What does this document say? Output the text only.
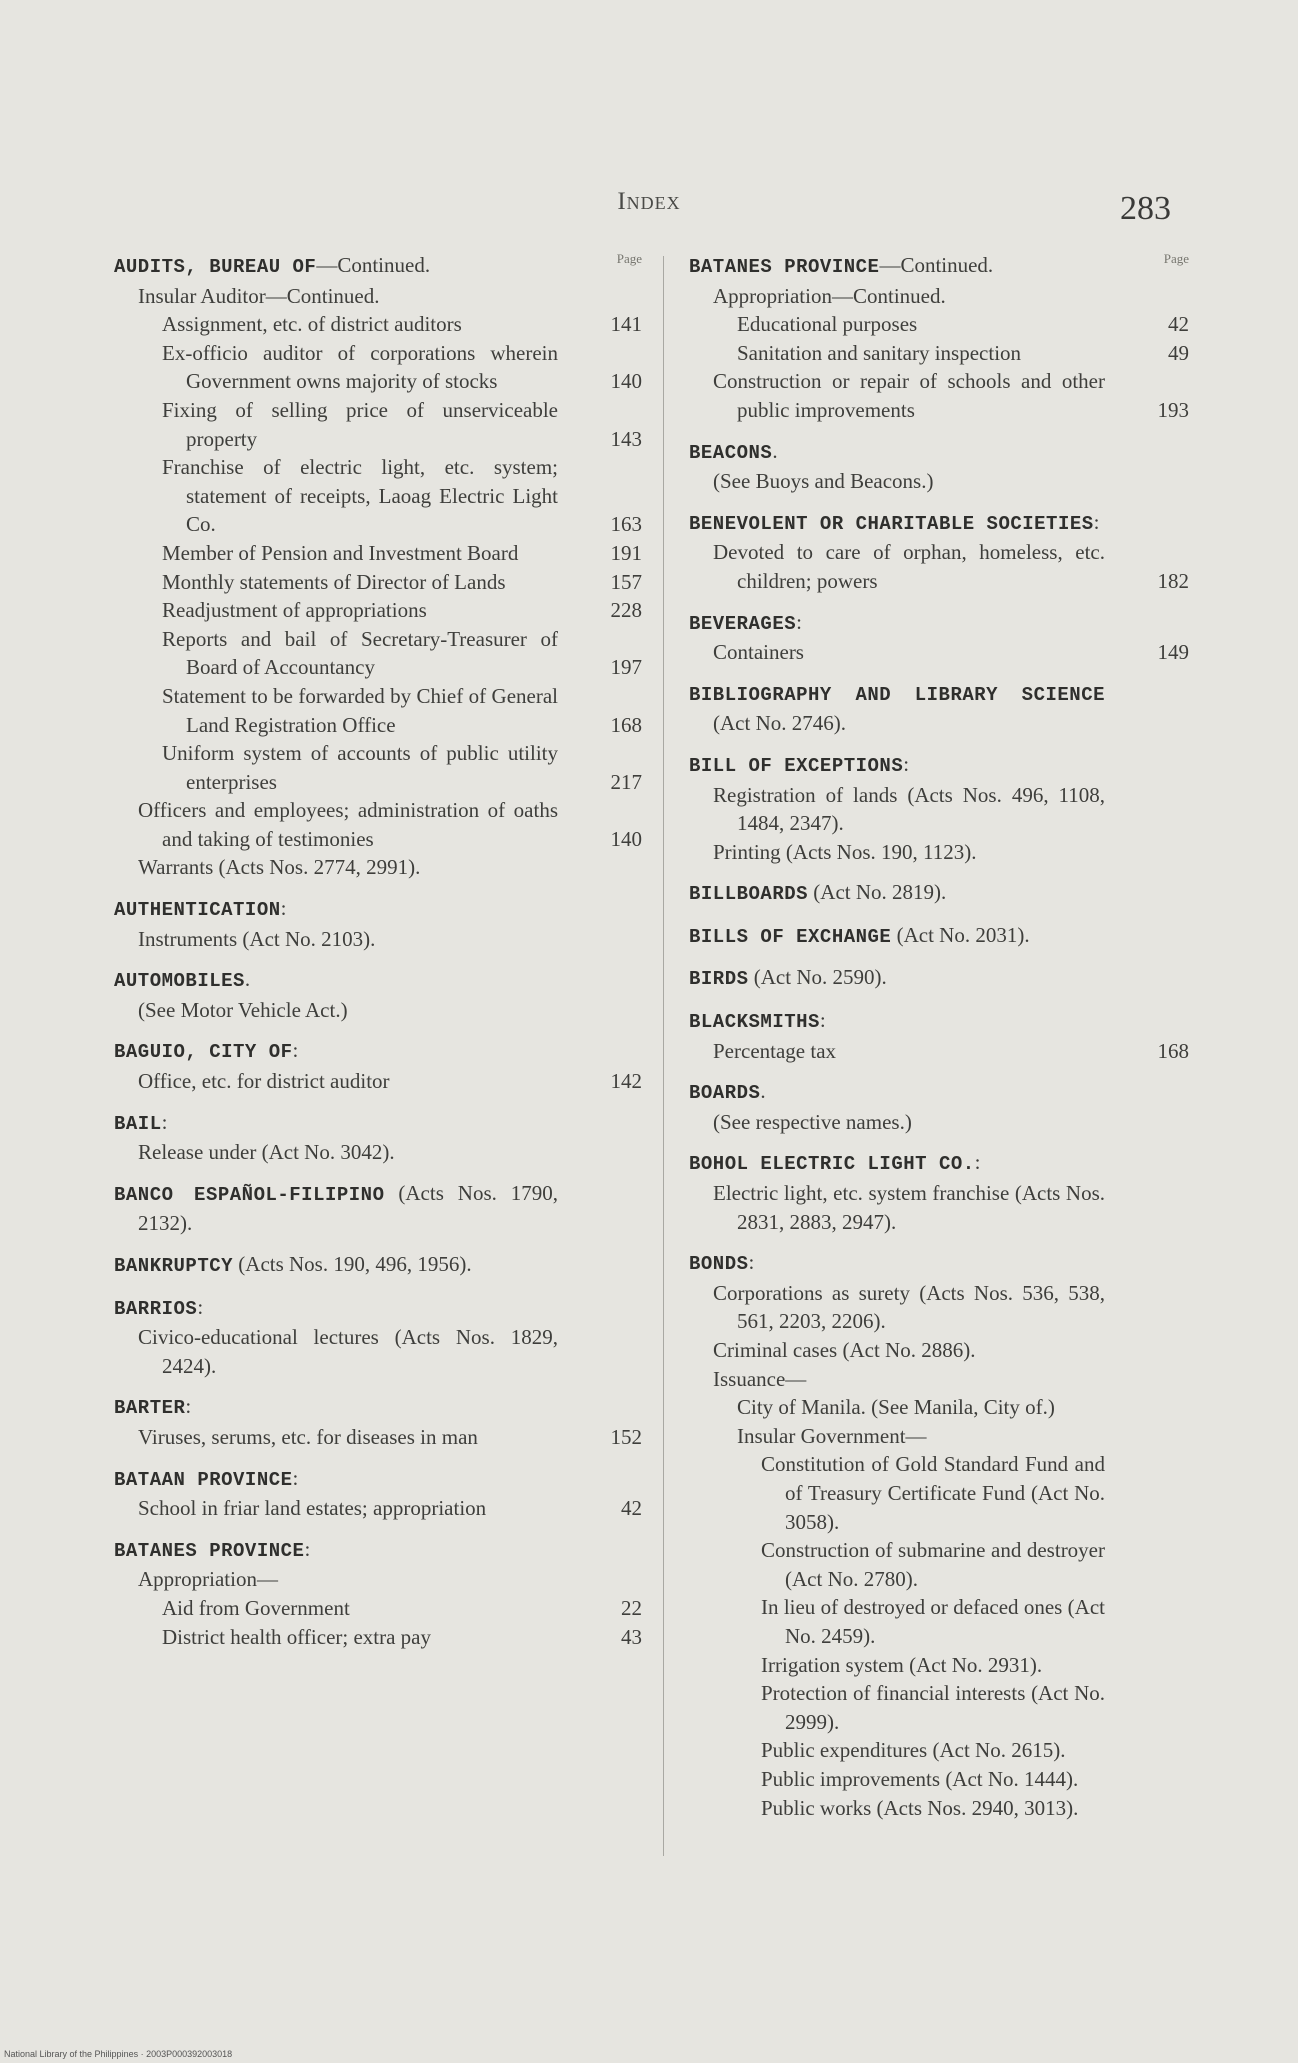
Index	283
Page
AUDITS, BUREAU OF—Continued.
Insular Auditor—Continued.
Assignment, etc. of district auditors	141
Ex-officio auditor of corporations wherein Government owns majority of stocks	140
Fixing of selling price of unserviceable property	143
Franchise of electric light, etc. system; statement of receipts, Laoag Electric Light Co.	163
Member of Pension and Investment Board	191
Monthly statements of Director of Lands	157
Readjustment of appropriations	228
Reports and bail of Secretary-Treasurer of Board of Accountancy	197
Statement to be forwarded by Chief of General Land Registration Office	168
Uniform system of accounts of public utility enterprises	217
Officers and employees; administration of oaths and taking of testimonies	140
Warrants (Acts Nos. 2774, 2991).
AUTHENTICATION:
Instruments (Act No. 2103).
AUTOMOBILES.
(See Motor Vehicle Act.)
BAGUIO, CITY OF:
Office, etc. for district auditor	142
BAIL:
Release under (Act No. 3042).
BANCO ESPAÑOL-FILIPINO (Acts Nos. 1790, 2132).
BANKRUPTCY (Acts Nos. 190, 496, 1956).
BARRIOS:
Civico-educational lectures (Acts Nos. 1829, 2424).
BARTER:
Viruses, serums, etc. for diseases in man	152
BATAAN PROVINCE:
School in friar land estates; appropriation	42
BATANES PROVINCE:
Appropriation—
Aid from Government	22
District health officer; extra pay	43
Page
BATANES PROVINCE—Continued.
Appropriation—Continued.
Educational purposes	42
Sanitation and sanitary inspection	49
Construction or repair of schools and other public improvements	193
BEACONS.
(See Buoys and Beacons.)
BENEVOLENT OR CHARITABLE SOCIETIES:
Devoted to care of orphan, homeless, etc. children; powers	182
BEVERAGES:
Containers	149
BIBLIOGRAPHY AND LIBRARY SCIENCE (Act No. 2746).
BILL OF EXCEPTIONS:
Registration of lands (Acts Nos. 496, 1108, 1484, 2347).
Printing (Acts Nos. 190, 1123).
BILLBOARDS (Act No. 2819).
BILLS OF EXCHANGE (Act No. 2031).
BIRDS (Act No. 2590).
BLACKSMITHS:
Percentage tax	168
BOARDS.
(See respective names.)
BOHOL ELECTRIC LIGHT CO.:
Electric light, etc. system franchise (Acts Nos. 2831, 2883, 2947).
BONDS:
Corporations as surety (Acts Nos. 536, 538, 561, 2203, 2206).
Criminal cases (Act No. 2886).
Issuance—
City of Manila. (See Manila, City of.)
Insular Government—
Constitution of Gold Standard Fund and of Treasury Certificate Fund (Act No. 3058).
Construction of submarine and destroyer (Act No. 2780).
In lieu of destroyed or defaced ones (Act No. 2459).
Irrigation system (Act No. 2931).
Protection of financial interests (Act No. 2999).
Public expenditures (Act No. 2615).
Public improvements (Act No. 1444).
Public works (Acts Nos. 2940, 3013).
National Library of the Philippines · 2003P000392003018
